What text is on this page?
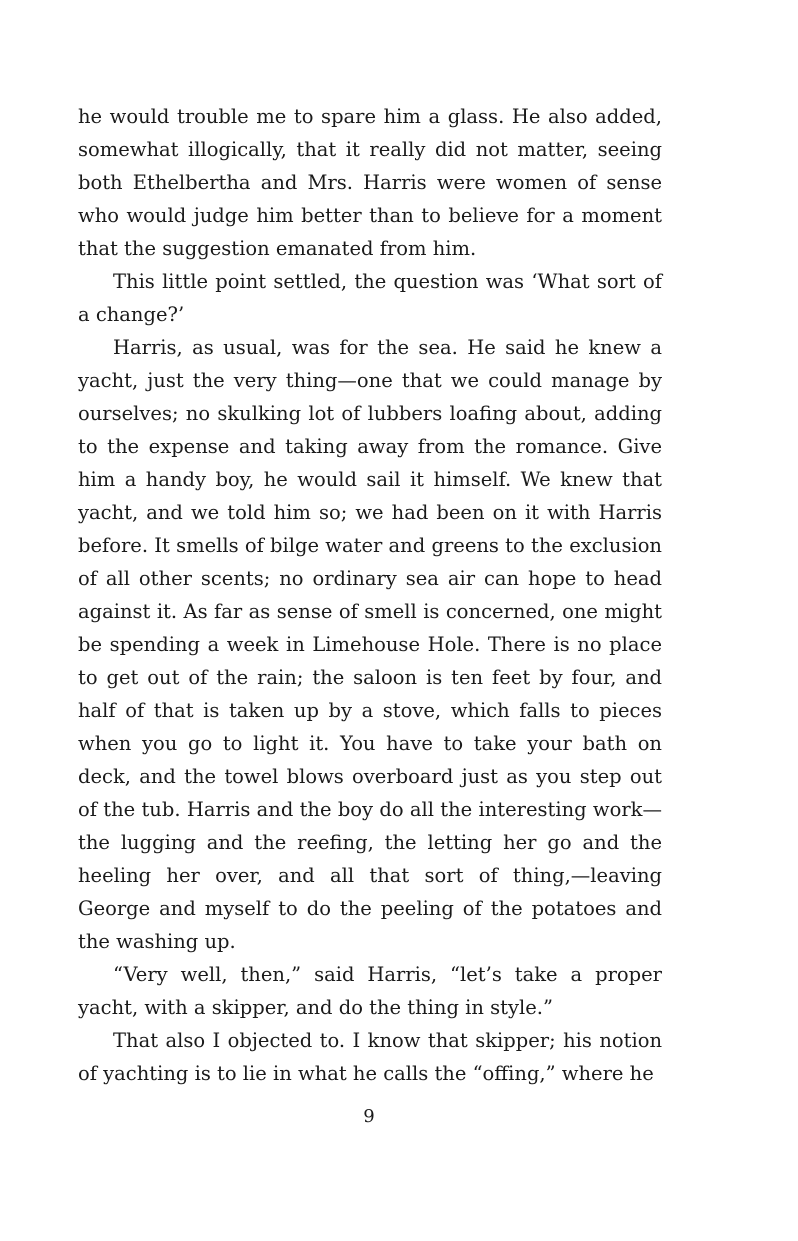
he would trouble me to spare him a glass. He also added, somewhat illogically, that it really did not matter, seeing both Ethelbertha and Mrs. Harris were women of sense who would judge him better than to believe for a moment that the suggestion emanated from him.

This little point settled, the question was ‘What sort of a change?’

Harris, as usual, was for the sea. He said he knew a yacht, just the very thing—one that we could manage by ourselves; no skulking lot of lubbers loafing about, adding to the expense and taking away from the romance. Give him a handy boy, he would sail it himself. We knew that yacht, and we told him so; we had been on it with Harris before. It smells of bilge water and greens to the exclusion of all other scents; no ordinary sea air can hope to head against it. As far as sense of smell is concerned, one might be spending a week in Limehouse Hole. There is no place to get out of the rain; the saloon is ten feet by four, and half of that is taken up by a stove, which falls to pieces when you go to light it. You have to take your bath on deck, and the towel blows overboard just as you step out of the tub. Harris and the boy do all the interesting work—the lugging and the reefing, the letting her go and the heeling her over, and all that sort of thing,—leaving George and myself to do the peeling of the potatoes and the washing up.

“Very well, then,” said Harris, “let’s take a proper yacht, with a skipper, and do the thing in style.”

That also I objected to. I know that skipper; his notion of yachting is to lie in what he calls the “offing,” where he

9
